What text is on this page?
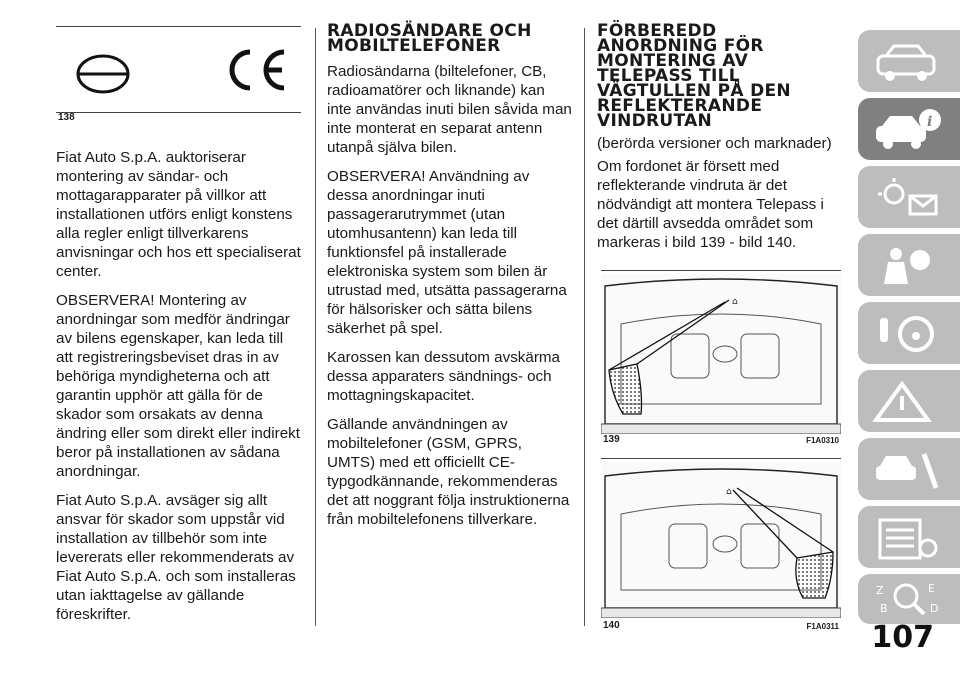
138

Fiat Auto S.p.A. auktoriserar montering av sändar- och mottagarapparater på villkor att installationen utförs enligt konstens alla regler enligt tillverkarens anvisningar och hos ett specialiserat center.

OBSERVERA! Montering av anordningar som medför ändringar av bilens egenskaper, kan leda till att registreringsbeviset dras in av behöriga myndigheterna och att garantin upphör att gälla för de skador som orsakats av denna ändring eller som direkt eller indirekt beror på installationen av sådana anordningar.

Fiat Auto S.p.A. avsäger sig allt ansvar för skador som uppstår vid installation av tillbehör som inte levererats eller rekommenderats av Fiat Auto S.p.A. och som installeras utan iakttagelse av gällande föreskrifter.

RADIOSÄNDARE OCH MOBILTELEFONER

Radiosändarna (biltelefoner, CB, radioamatörer och liknande) kan inte användas inuti bilen såvida man inte monterat en separat antenn utanpå själva bilen.

OBSERVERA! Användning av dessa anordningar inuti passagerarutrymmet (utan utomhusantenn) kan leda till funktionsfel på installerade elektroniska system som bilen är utrustad med, utsätta passagerarna för hälsorisker och sätta bilens säkerhet på spel.

Karossen kan dessutom avskärma dessa apparaters sändnings- och mottagningskapacitet.

Gällande användningen av mobiltelefoner (GSM, GPRS, UMTS) med ett officiellt CE-typgodkännande, rekommenderas det att noggrant följa instruktionerna från mobiltelefonens tillverkare.

FÖRBEREDD ANORDNING FÖR MONTERING AV TELEPASS TILL VÄGTULLEN PÅ DEN REFLEKTERANDE VINDRUTAN

(berörda versioner och marknader)

Om fordonet är försett med reflekterande vindruta är det nödvändigt att montera Telepass i det därtill avsedda området som markeras i bild 139 - bild 140.

⌂
139	F1A0310
⌂
140	F1A0311
i
Z	E
B	D
107
